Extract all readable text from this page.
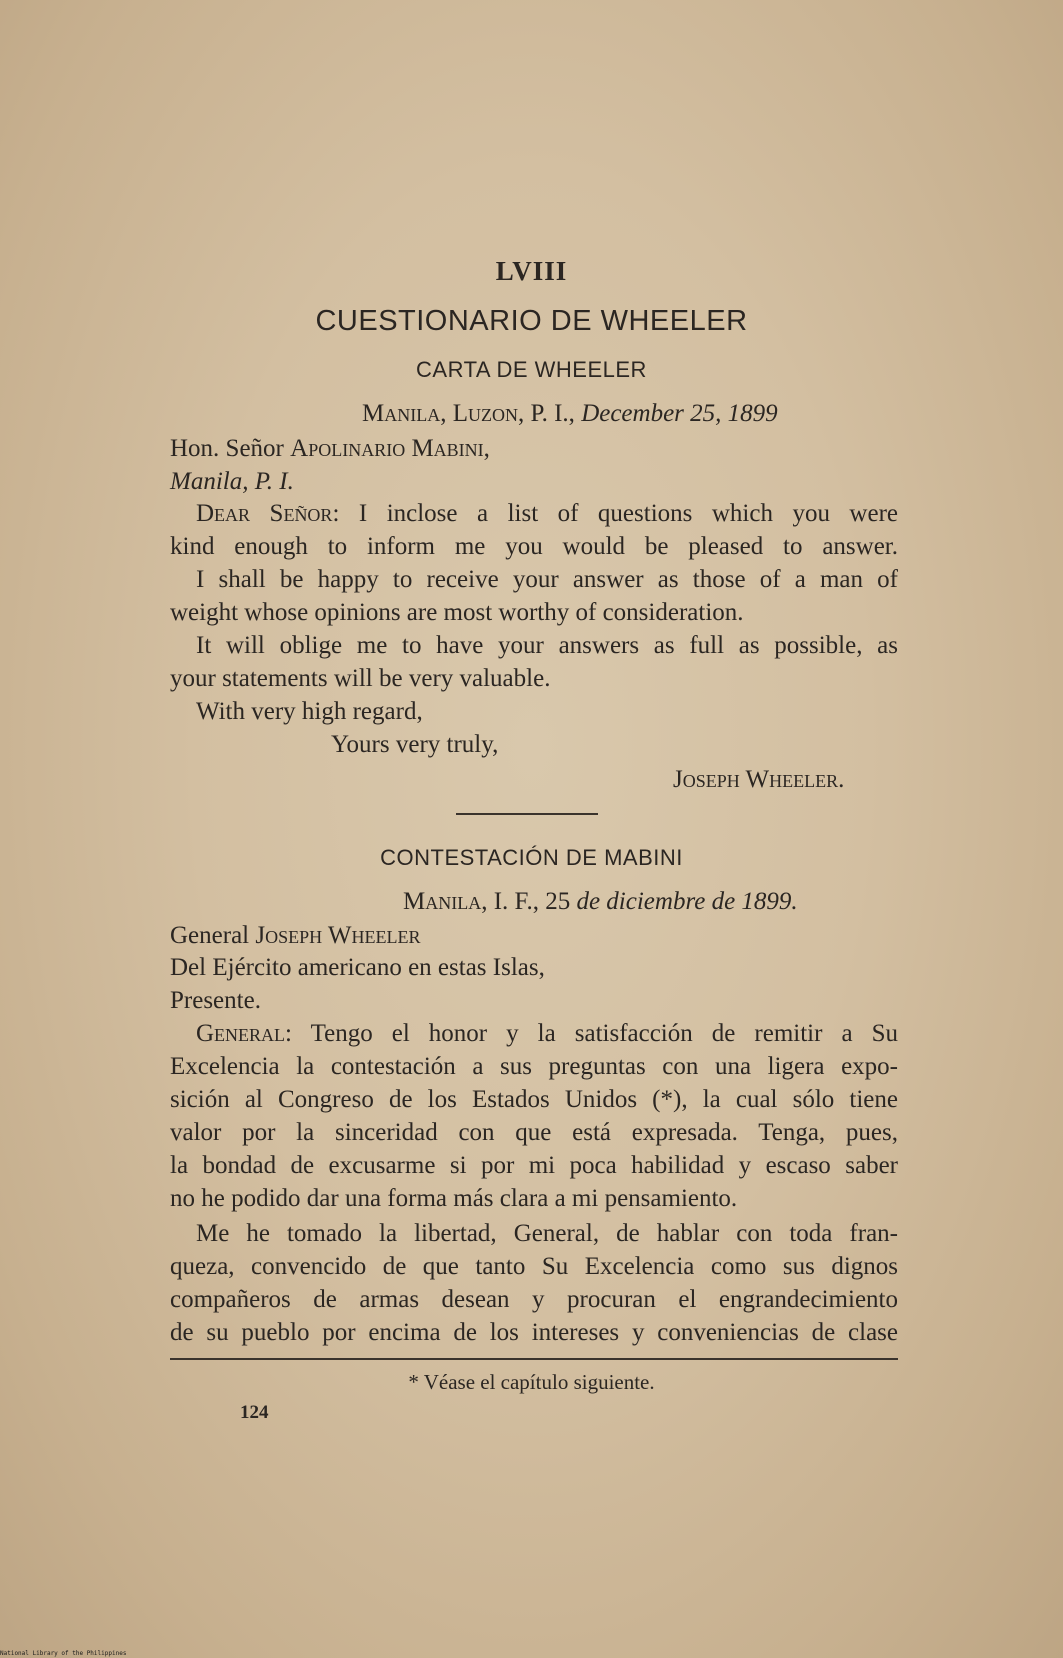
LVIII
CUESTIONARIO DE WHEELER
CARTA DE WHEELER
Manila, Luzon, P. I., December 25, 1899
Hon. Señor Apolinario Mabini,
Manila, P. I.
Dear Señor: I inclose a list of questions which you were
kind enough to inform me you would be pleased to answer.
I shall be happy to receive your answer as those of a man of
weight whose opinions are most worthy of consideration.
It will oblige me to have your answers as full as possible, as
your statements will be very valuable.
With very high regard,
Yours very truly,
Joseph Wheeler.
CONTESTACIÓN DE MABINI
Manila, I. F., 25 de diciembre de 1899.
General Joseph Wheeler
Del Ejército americano en estas Islas,
Presente.
General: Tengo el honor y la satisfacción de remitir a Su
Excelencia la contestación a sus preguntas con una ligera expo-
sición al Congreso de los Estados Unidos (*), la cual sólo tiene
valor por la sinceridad con que está expresada. Tenga, pues,
la bondad de excusarme si por mi poca habilidad y escaso saber
no he podido dar una forma más clara a mi pensamiento.
Me he tomado la libertad, General, de hablar con toda fran-
queza, convencido de que tanto Su Excelencia como sus dignos
compañeros de armas desean y procuran el engrandecimiento
de su pueblo por encima de los intereses y conveniencias de clase
* Véase el capítulo siguiente.
124
National Library of the Philippines
